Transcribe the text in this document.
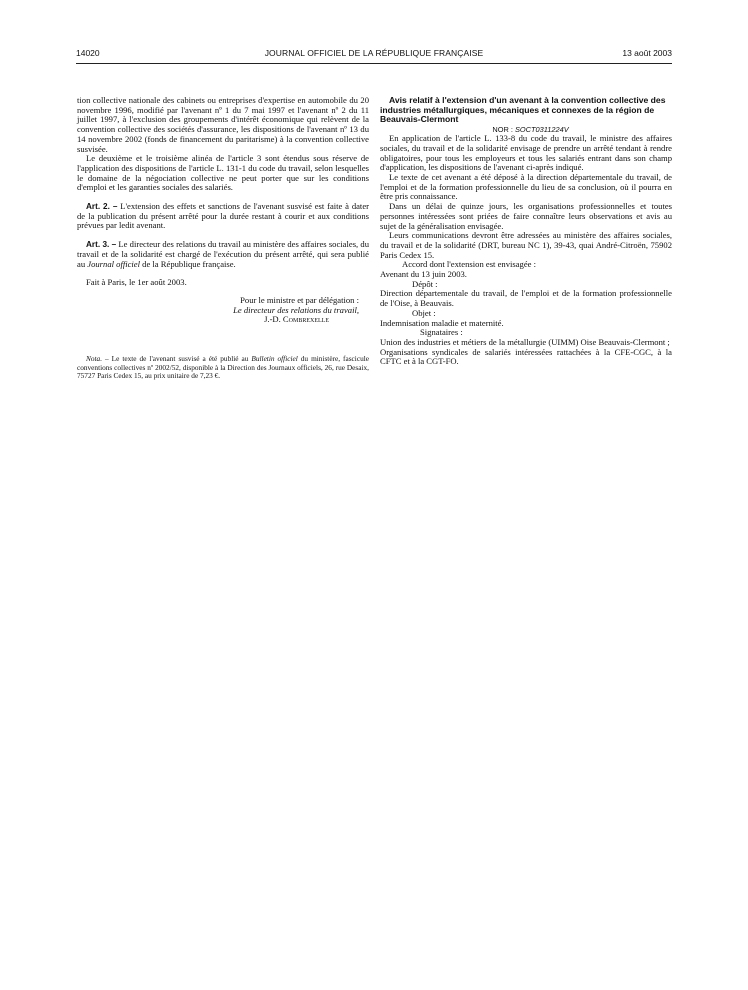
14020	JOURNAL OFFICIEL DE LA RÉPUBLIQUE FRANÇAISE	13 août 2003

tion collective nationale des cabinets ou entreprises d'expertise en automobile du 20 novembre 1996, modifié par l'avenant nº 1 du 7 mai 1997 et l'avenant nº 2 du 11 juillet 1997, à l'exclusion des groupements d'intérêt économique qui relèvent de la convention collective des sociétés d'assurance, les dispositions de l'avenant nº 13 du 14 novembre 2002 (fonds de financement du paritarisme) à la convention collective susvisée.

Le deuxième et le troisième alinéa de l'article 3 sont étendus sous réserve de l'application des dispositions de l'article L. 131-1 du code du travail, selon lesquelles le domaine de la négociation collective ne peut porter que sur les conditions d'emploi et les garanties sociales des salariés.

Art. 2. – L'extension des effets et sanctions de l'avenant susvisé est faite à dater de la publication du présent arrêté pour la durée restant à courir et aux conditions prévues par ledit avenant.

Art. 3. – Le directeur des relations du travail au ministère des affaires sociales, du travail et de la solidarité est chargé de l'exécution du présent arrêté, qui sera publié au Journal officiel de la République française.

Fait à Paris, le 1er août 2003.

Pour le ministre et par délégation :

Le directeur des relations du travail,

J.-D. Combrexelle

Nota. – Le texte de l'avenant susvisé a été publié au Bulletin officiel du ministère, fascicule conventions collectives nº 2002/52, disponible à la Direction des Journaux officiels, 26, rue Desaix, 75727 Paris Cedex 15, au prix unitaire de 7,23 €.

Avis relatif à l'extension d'un avenant à la convention collective des industries métallurgiques, mécaniques et connexes de la région de Beauvais-Clermont

NOR : SOCT0311224V

En application de l'article L. 133-8 du code du travail, le ministre des affaires sociales, du travail et de la solidarité envisage de prendre un arrêté tendant à rendre obligatoires, pour tous les employeurs et tous les salariés entrant dans son champ d'application, les dispositions de l'avenant ci-après indiqué.

Le texte de cet avenant a été déposé à la direction départementale du travail, de l'emploi et de la formation professionnelle du lieu de sa conclusion, où il pourra en être pris connaissance.

Dans un délai de quinze jours, les organisations professionnelles et toutes personnes intéressées sont priées de faire connaître leurs observations et avis au sujet de la généralisation envisagée.

Leurs communications devront être adressées au ministère des affaires sociales, du travail et de la solidarité (DRT, bureau NC 1), 39-43, quai André-Citroën, 75902 Paris Cedex 15.

Accord dont l'extension est envisagée :

Avenant du 13 juin 2003.

Dépôt :

Direction départementale du travail, de l'emploi et de la formation professionnelle de l'Oise, à Beauvais.

Objet :

Indemnisation maladie et maternité.

Signataires :

Union des industries et métiers de la métallurgie (UIMM) Oise Beauvais-Clermont ;

Organisations syndicales de salariés intéressées rattachées à la CFE-CGC, à la CFTC et à la CGT-FO.
